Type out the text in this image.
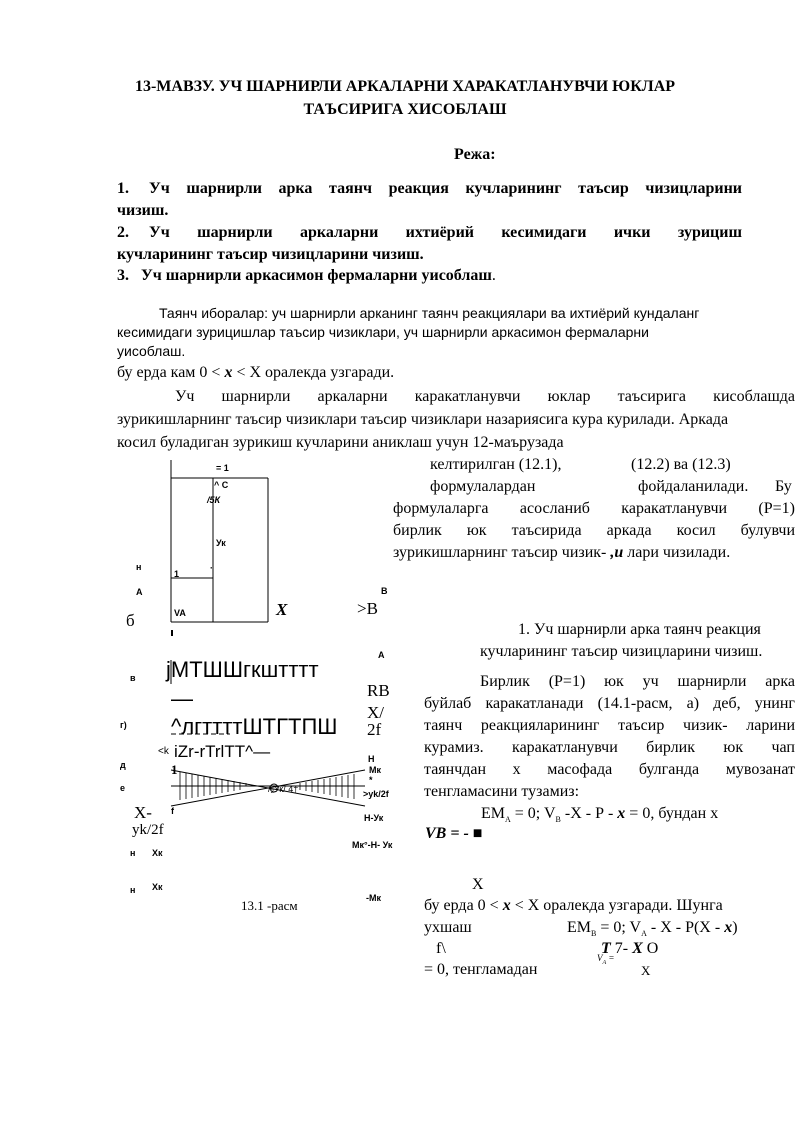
13-МАВЗУ. УЧ ШАРНИРЛИ АРКАЛАРНИ ХАРАКАТЛАНУВЧИ ЮКЛАР
ТАЪСИРИГА ХИСОБЛАШ
Режа:
1. Уч шарнирли арка таянч реакция кучларининг таъсир чизицларини
чизиш.
2. Уч шарнирли аркаларни ихтиёрий кесимидаги ички зурициш
кучларининг таъсир чизицларини чизиш.
3. Уч шарнирли аркасимон фермаларни уисоблаш.
Таянч иборалар: уч шарнирли арканинг таянч реакциялари ва ихтиёрий кундаланг
кесимидаги зурицишлар таъсир чизиклари, уч шарнирли аркасимон фермаларни
уисоблаш.
бу ерда кам 0 < x < X оралекда узгаради.
Уч шарнирли аркаларни каракатланувчи юклар таъсирига кисоблашда
зурикишларнинг таъсир чизиклари таъсир чизиклари назариясига кура курилади. Аркада
косил буладиган зурикиш кучларини аниклаш учун 12-маърузада
келтирилган (12.1),	(12.2) ва (12.3)
формулалардан	фойдаланилади. Бу
формулаларга асосланиб каракатланувчи (Р=1)
бирлик юк таъсирида аркада косил булувчи
зурикишларнинг таъсир чизик- ,и лари чизилади.
1. Уч шарнирли арка таянч реакция
кучларининг таъсир чизицларини чизиш.
Бирлик (Р=1) юк уч шарнирли арка
буйлаб каракатланади (14.1-расм, а) деб, унинг
таянч реакцияларининг таъсир чизик- ларини
курамиз. каракатланувчи бирлик юк чап
таянчдан х масофада булганда мувозанат
тенгламасини тузамиз:
$ЕМ_A = 0$; $V_B$ -X - Р - x = 0, бундан х
VB = - ■
X
бу ерда 0 < x < X оралекда узгаради. Шунга
ухшаш	$ЕМ_B = 0$; $V_A$ - X - Р(X - x)
f\	T 7- X O
= 0, тенгламадан
$V_A$ =
X
= 1
^ С
/5К
Ук
·
1
VA	X
н
А	В
>В
б
А
в
г)
д
е
н
н
Хк
Хк
jМТШШгкштттт
—
^лгттттШТГТПШ
iZr-rTrlTT^—
<k
1
RB
X/
2f
Н
Мк
*
>yk/2f
Н-Ук
Мк°-Н- Ук
-Мк
/₂Ук/ 4†
Х-
yk/2f
f
13.1 -расм
